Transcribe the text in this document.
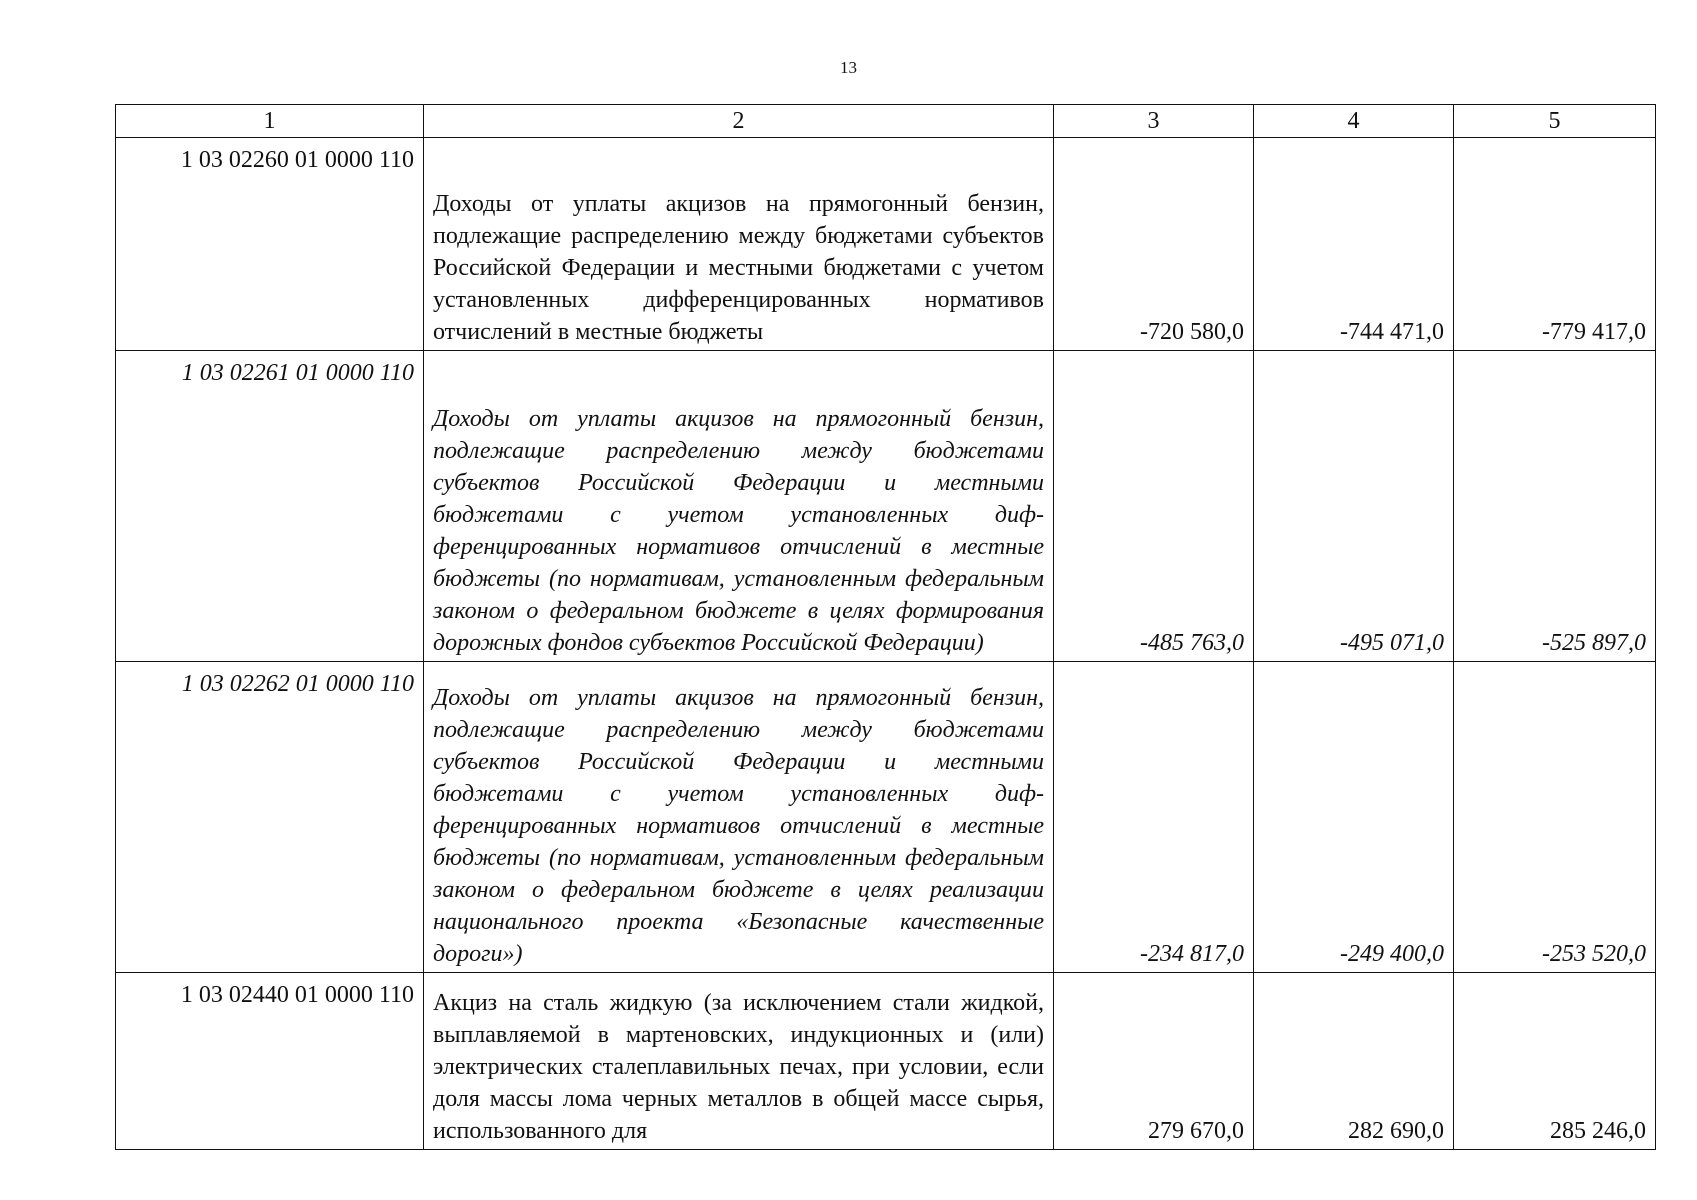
13
1	2	3	4	5
1 03 02260 01 0000 110	Доходы от уплаты акцизов на прямогонный бензин, подлежащие распределению между бюджетами субъектов Российской Федерации и местными бюджетами с учетом установленных дифференцированных нормативов отчислений в местные бюджеты	-720 580,0	-744 471,0	-779 417,0
1 03 02261 01 0000 110	Доходы от уплаты акцизов на прямогонный бензин, подлежащие распределению между бюджетами субъектов Российской Федерации и местными бюджетами с учетом установленных дифференцированных нормативов отчислений в местные бюджеты (по нормативам, установленным федеральным законом о федеральном бюджете в целях формирования дорожных фондов субъектов Российской Федерации)	-485 763,0	-495 071,0	-525 897,0
1 03 02262 01 0000 110	Доходы от уплаты акцизов на прямогонный бензин, подлежащие распределению между бюджетами субъектов Российской Федерации и местными бюджетами с учетом установленных дифференцированных нормативов отчислений в местные бюджеты (по нормативам, установленным федеральным законом о федеральном бюджете в целях реализации национального проекта «Безопасные качественные дороги»)	-234 817,0	-249 400,0	-253 520,0
1 03 02440 01 0000 110	Акциз на сталь жидкую (за исключением стали жидкой, выплавляемой в мартеновских, индукционных и (или) электрических сталеплавильных печах, при условии, если доля массы лома черных металлов в общей массе сырья, использованного для	279 670,0	282 690,0	285 246,0
